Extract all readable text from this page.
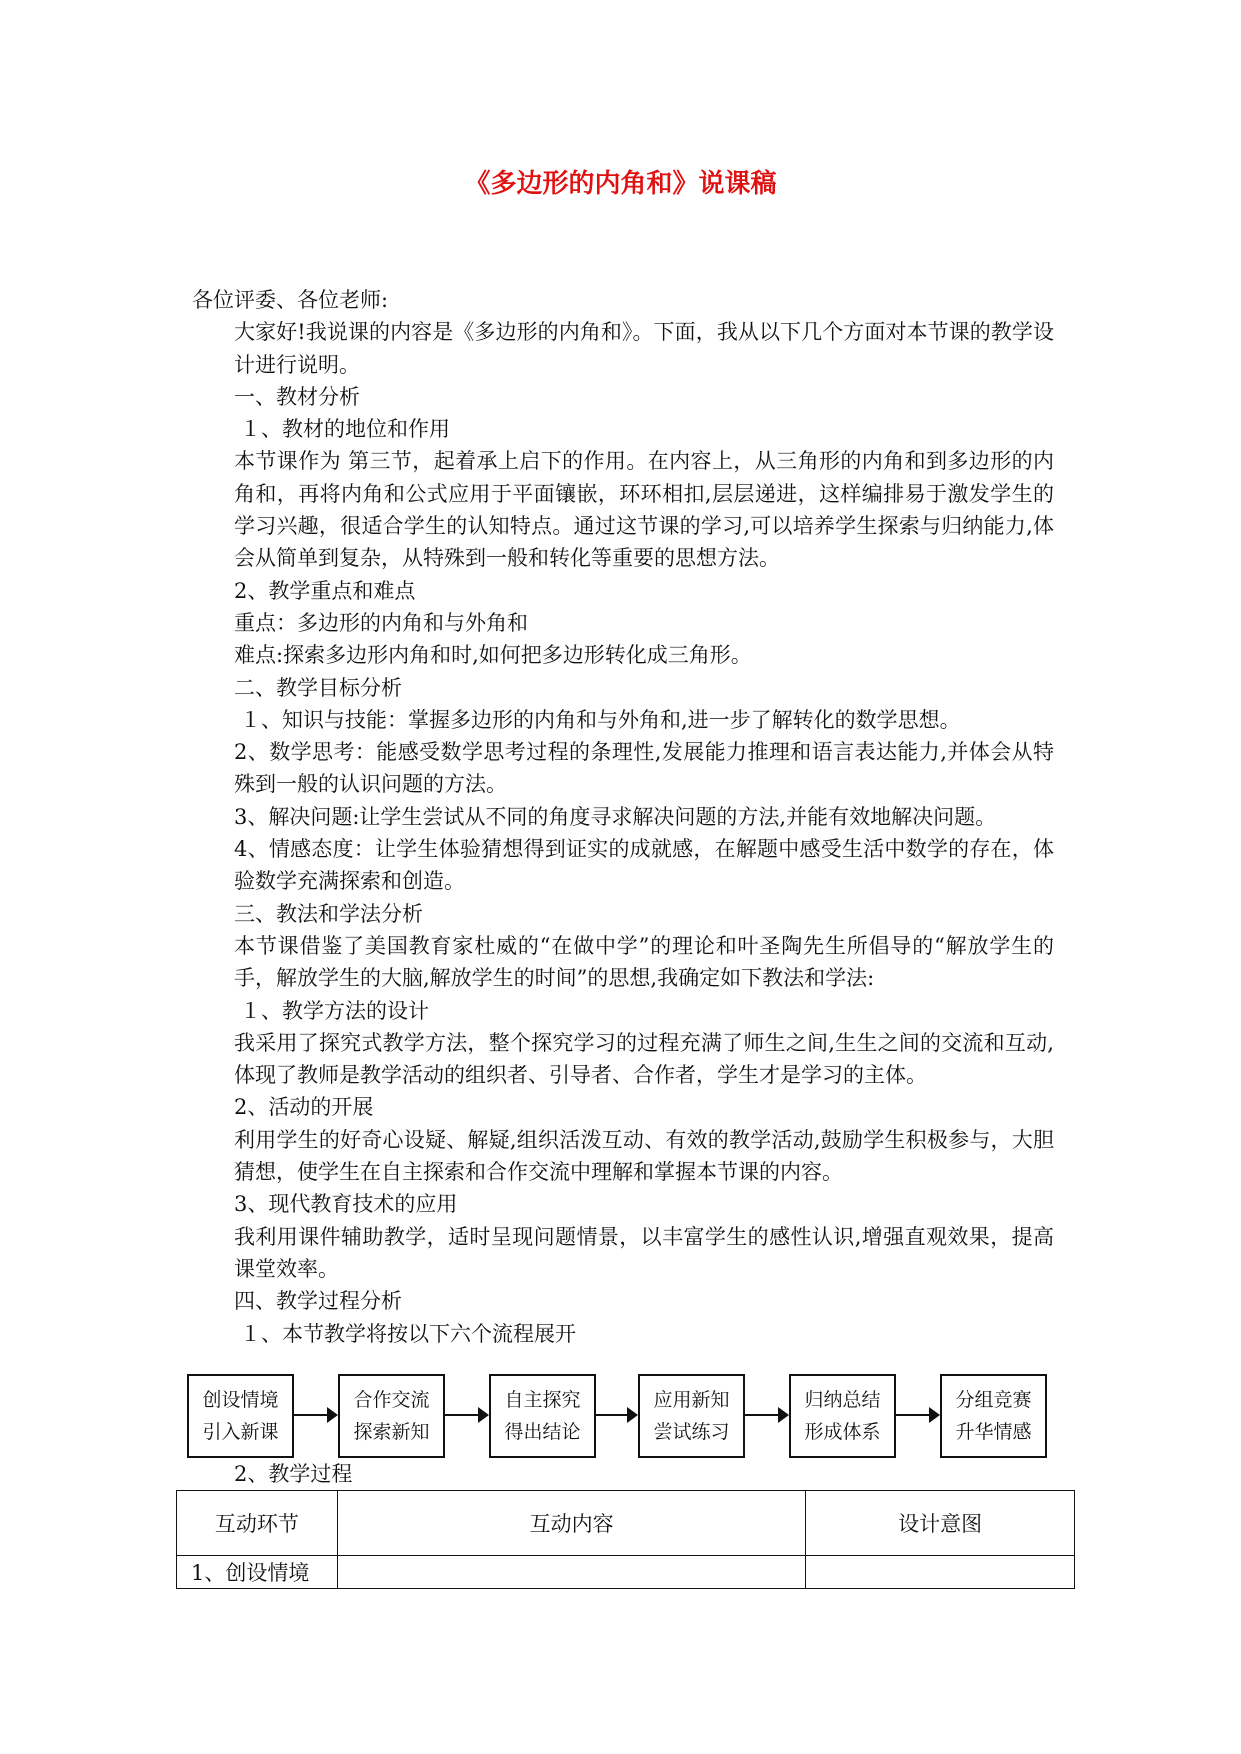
《多边形的内角和》说课稿
各位评委、各位老师:
大家好!我说课的内容是《多边形的内角和》。下面，我从以下几个方面对本节课的教学设计进行说明。
一、教材分析
１、教材的地位和作用
本节课作为 第三节，起着承上启下的作用。在内容上，从三角形的内角和到多边形的内角和，再将内角和公式应用于平面镶嵌，环环相扣,层层递进，这样编排易于激发学生的学习兴趣，很适合学生的认知特点。通过这节课的学习,可以培养学生探索与归纳能力,体会从简单到复杂，从特殊到一般和转化等重要的思想方法。
2、教学重点和难点
重点：多边形的内角和与外角和
难点:探索多边形内角和时,如何把多边形转化成三角形。
二、教学目标分析
１、知识与技能：掌握多边形的内角和与外角和,进一步了解转化的数学思想。
2、数学思考：能感受数学思考过程的条理性,发展能力推理和语言表达能力,并体会从特殊到一般的认识问题的方法。
3、解决问题:让学生尝试从不同的角度寻求解决问题的方法,并能有效地解决问题。
4、情感态度：让学生体验猜想得到证实的成就感，在解题中感受生活中数学的存在，体验数学充满探索和创造。
三、教法和学法分析
本节课借鉴了美国教育家杜威的“在做中学”的理论和叶圣陶先生所倡导的“解放学生的手，解放学生的大脑,解放学生的时间”的思想,我确定如下教法和学法:
１、教学方法的设计
我采用了探究式教学方法，整个探究学习的过程充满了师生之间,生生之间的交流和互动,体现了教师是教学活动的组织者、引导者、合作者，学生才是学习的主体。
2、活动的开展
利用学生的好奇心设疑、解疑,组织活泼互动、有效的教学活动,鼓励学生积极参与，大胆猜想，使学生在自主探索和合作交流中理解和掌握本节课的内容。
3、现代教育技术的应用
我利用课件辅助教学，适时呈现问题情景，以丰富学生的感性认识,增强直观效果，提高课堂效率。
四、教学过程分析
１、本节教学将按以下六个流程展开
创设情境
引入新课
合作交流
探索新知
自主探究
得出结论
应用新知
尝试练习
归纳总结
形成体系
分组竞赛
升华情感
2、教学过程
互动环节	互动内容	设计意图
1、创设情境		
